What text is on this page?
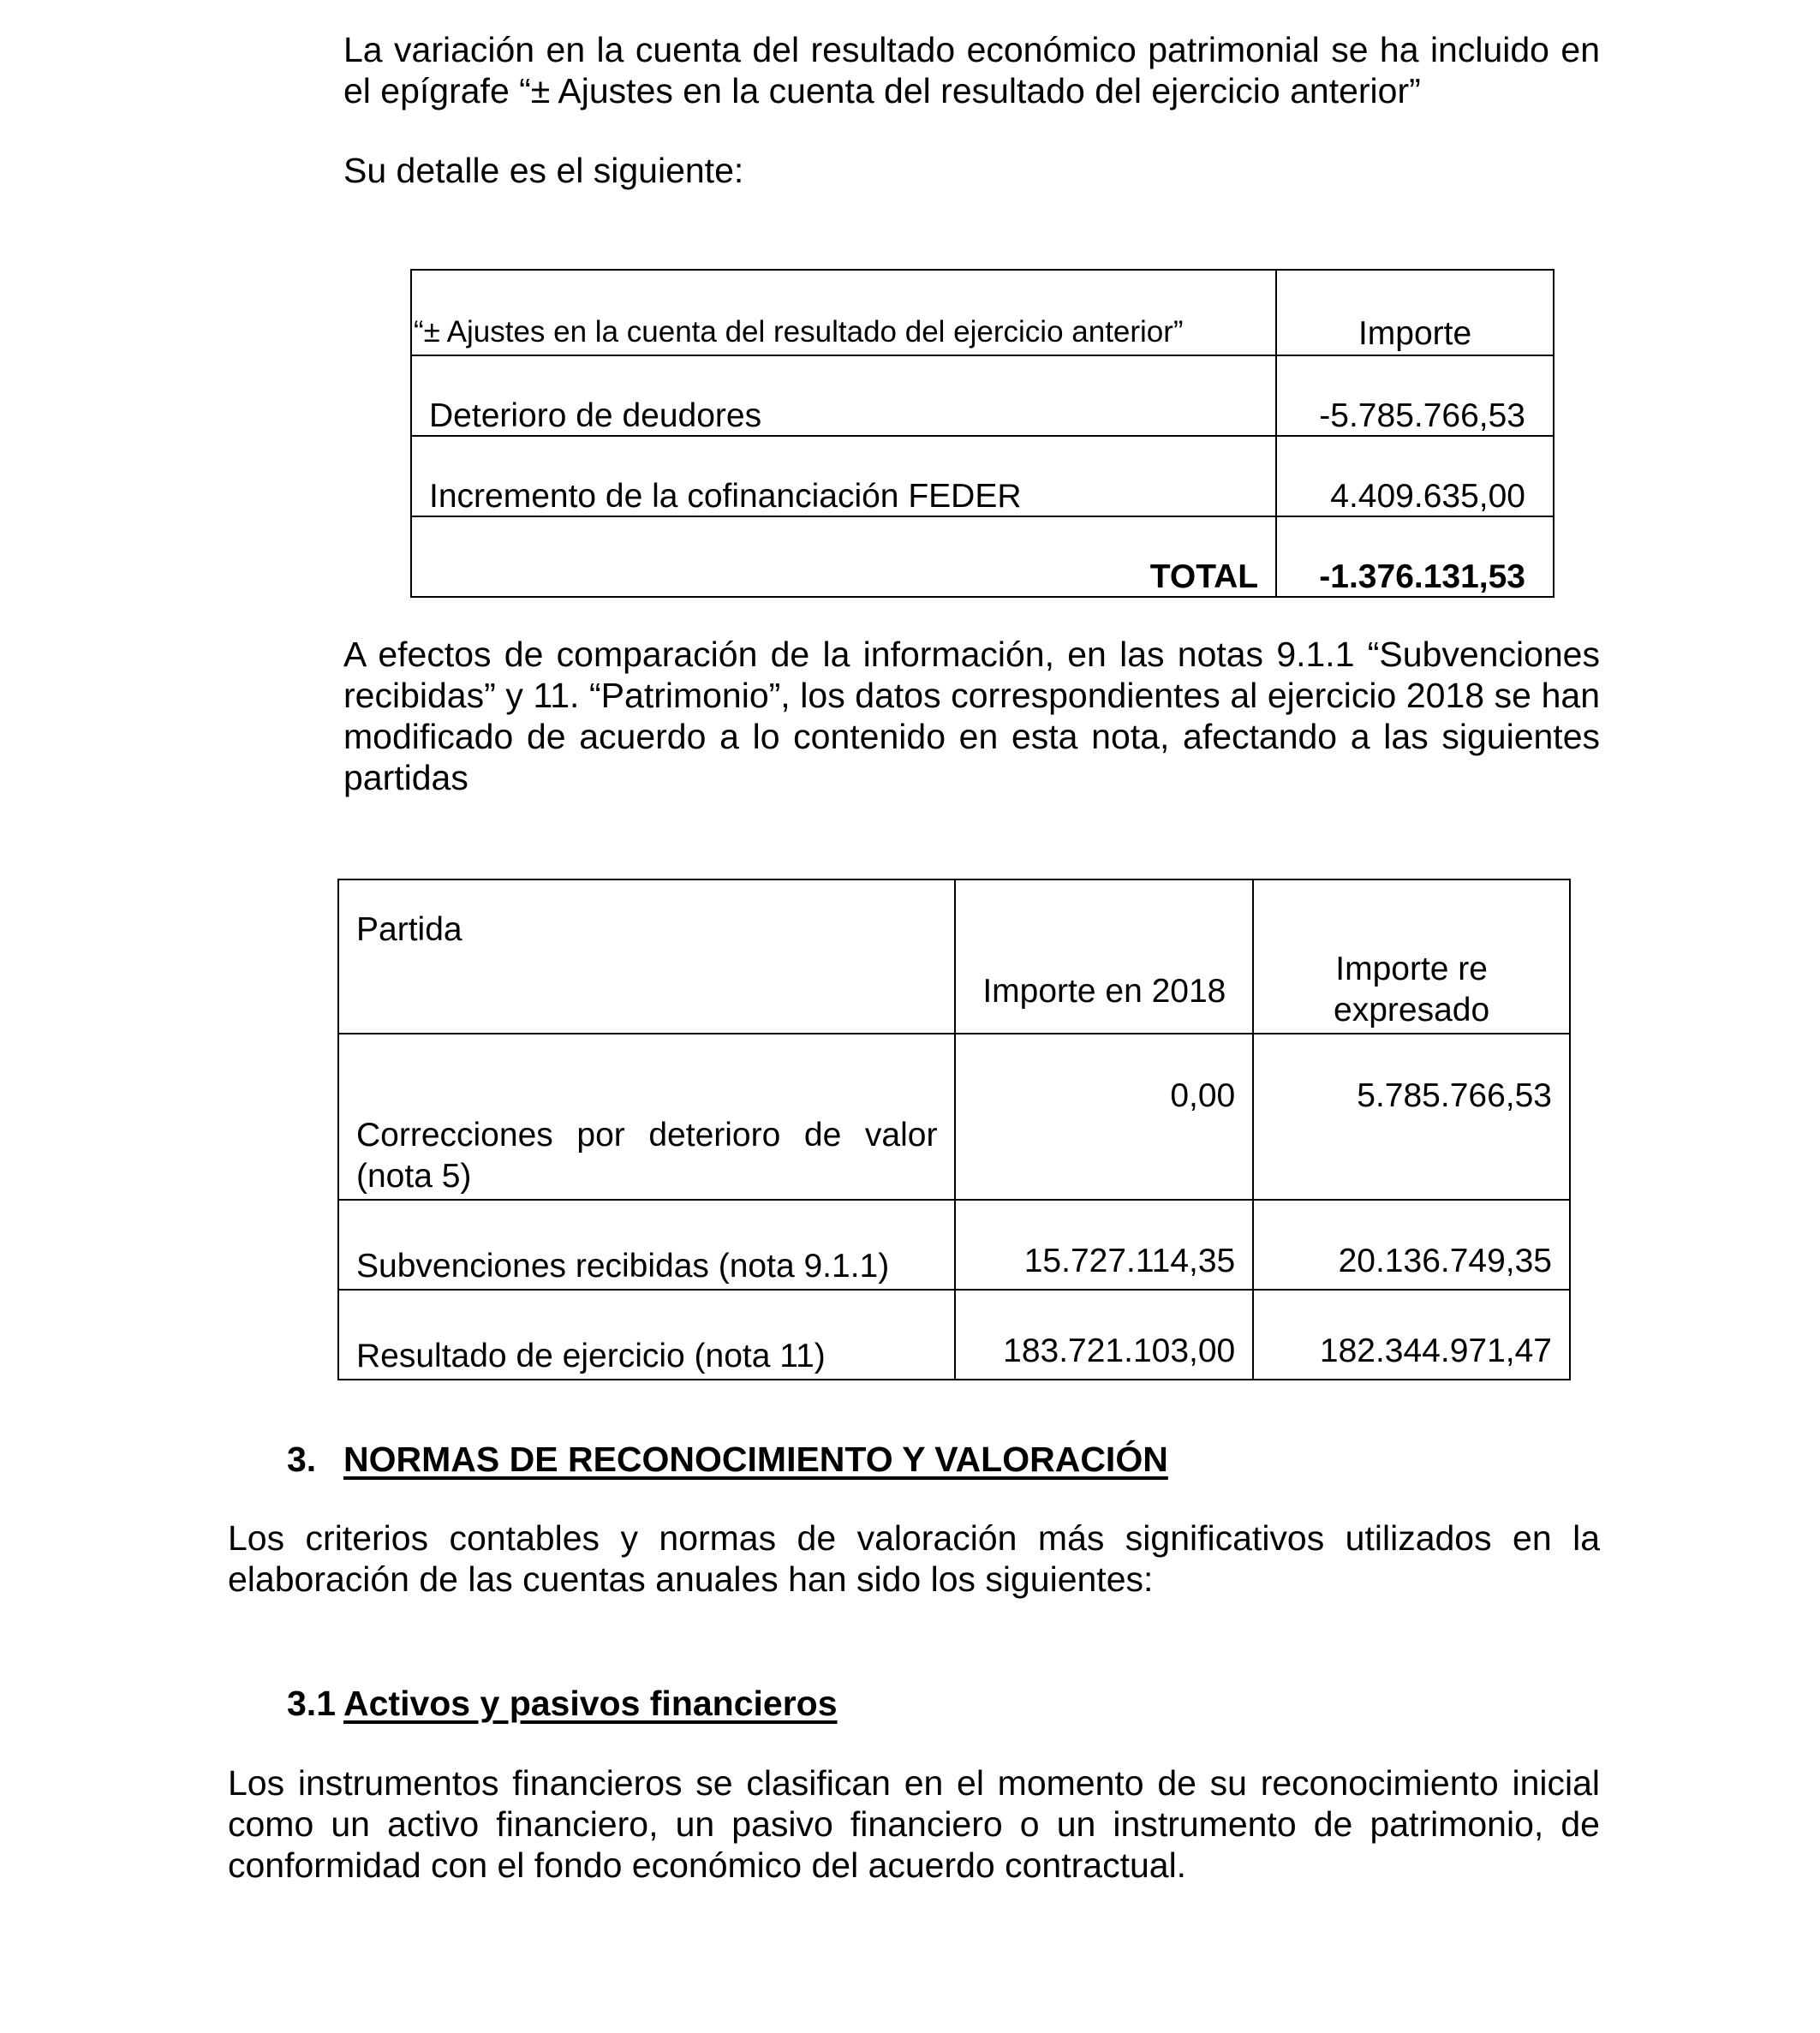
La variación en la cuenta del resultado económico patrimonial se ha incluido en
el epígrafe “± Ajustes en la cuenta del resultado del ejercicio anterior”
Su detalle es el siguiente:
“± Ajustes en la cuenta del resultado del ejercicio anterior”	Importe
Deterioro de deudores	-5.785.766,53
Incremento de la cofinanciación FEDER	4.409.635,00
TOTAL	-1.376.131,53
A efectos de comparación de la información, en las notas 9.1.1 “Subvenciones
recibidas” y 11. “Patrimonio”, los datos correspondientes al ejercicio 2018 se han
modificado de acuerdo a lo contenido en esta nota, afectando a las siguientes
partidas
Partida	Importe en 2018	Importe re
expresado
Correcciones por deterioro de valor (nota 5)	0,00	5.785.766,53
Subvenciones recibidas (nota 9.1.1)	15.727.114,35	20.136.749,35
Resultado de ejercicio (nota 11)	183.721.103,00	182.344.971,47
3. NORMAS DE RECONOCIMIENTO Y VALORACIÓN
Los criterios contables y normas de valoración más significativos utilizados en la
elaboración de las cuentas anuales han sido los siguientes:
3.1 Activos y pasivos financieros
Los instrumentos financieros se clasifican en el momento de su reconocimiento inicial
como un activo financiero, un pasivo financiero o un instrumento de patrimonio, de
conformidad con el fondo económico del acuerdo contractual.
